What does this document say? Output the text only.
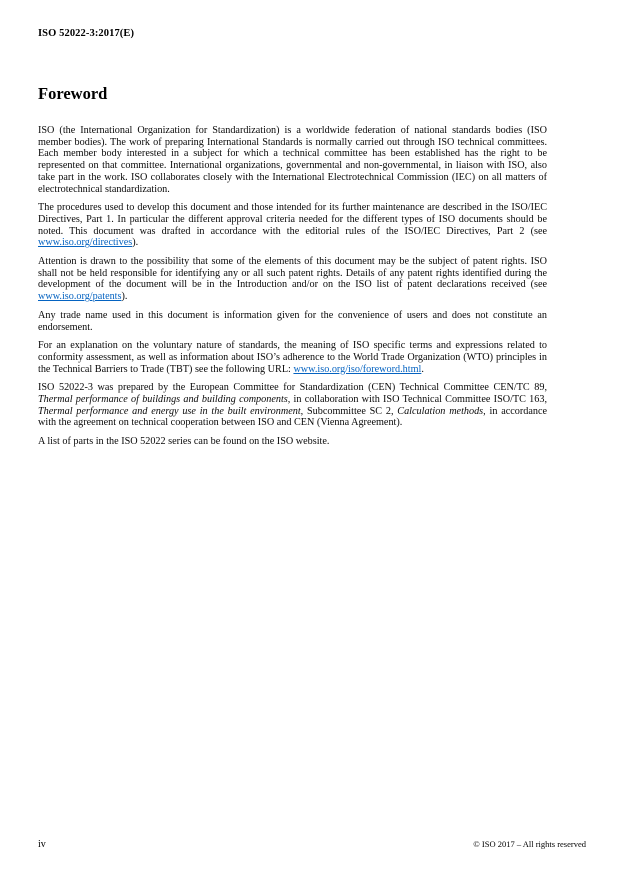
ISO 52022-3:2017(E)
Foreword

ISO (the International Organization for Standardization) is a worldwide federation of national standards bodies (ISO member bodies). The work of preparing International Standards is normally carried out through ISO technical committees. Each member body interested in a subject for which a technical committee has been established has the right to be represented on that committee. International organizations, governmental and non-governmental, in liaison with ISO, also take part in the work. ISO collaborates closely with the International Electrotechnical Commission (IEC) on all matters of electrotechnical standardization.

The procedures used to develop this document and those intended for its further maintenance are described in the ISO/IEC Directives, Part 1. In particular the different approval criteria needed for the different types of ISO documents should be noted. This document was drafted in accordance with the editorial rules of the ISO/IEC Directives, Part 2 (see www.iso.org/directives).

Attention is drawn to the possibility that some of the elements of this document may be the subject of patent rights. ISO shall not be held responsible for identifying any or all such patent rights. Details of any patent rights identified during the development of the document will be in the Introduction and/or on the ISO list of patent declarations received (see www.iso.org/patents).

Any trade name used in this document is information given for the convenience of users and does not constitute an endorsement.

For an explanation on the voluntary nature of standards, the meaning of ISO specific terms and expressions related to conformity assessment, as well as information about ISO’s adherence to the World Trade Organization (WTO) principles in the Technical Barriers to Trade (TBT) see the following URL: www.iso.org/iso/foreword.html.

ISO 52022-3 was prepared by the European Committee for Standardization (CEN) Technical Committee CEN/TC 89, Thermal performance of buildings and building components, in collaboration with ISO Technical Committee ISO/TC 163, Thermal performance and energy use in the built environment, Subcommittee SC 2, Calculation methods, in accordance with the agreement on technical cooperation between ISO and CEN (Vienna Agreement).

A list of parts in the ISO 52022 series can be found on the ISO website.

iv	© ISO 2017 – All rights reserved
